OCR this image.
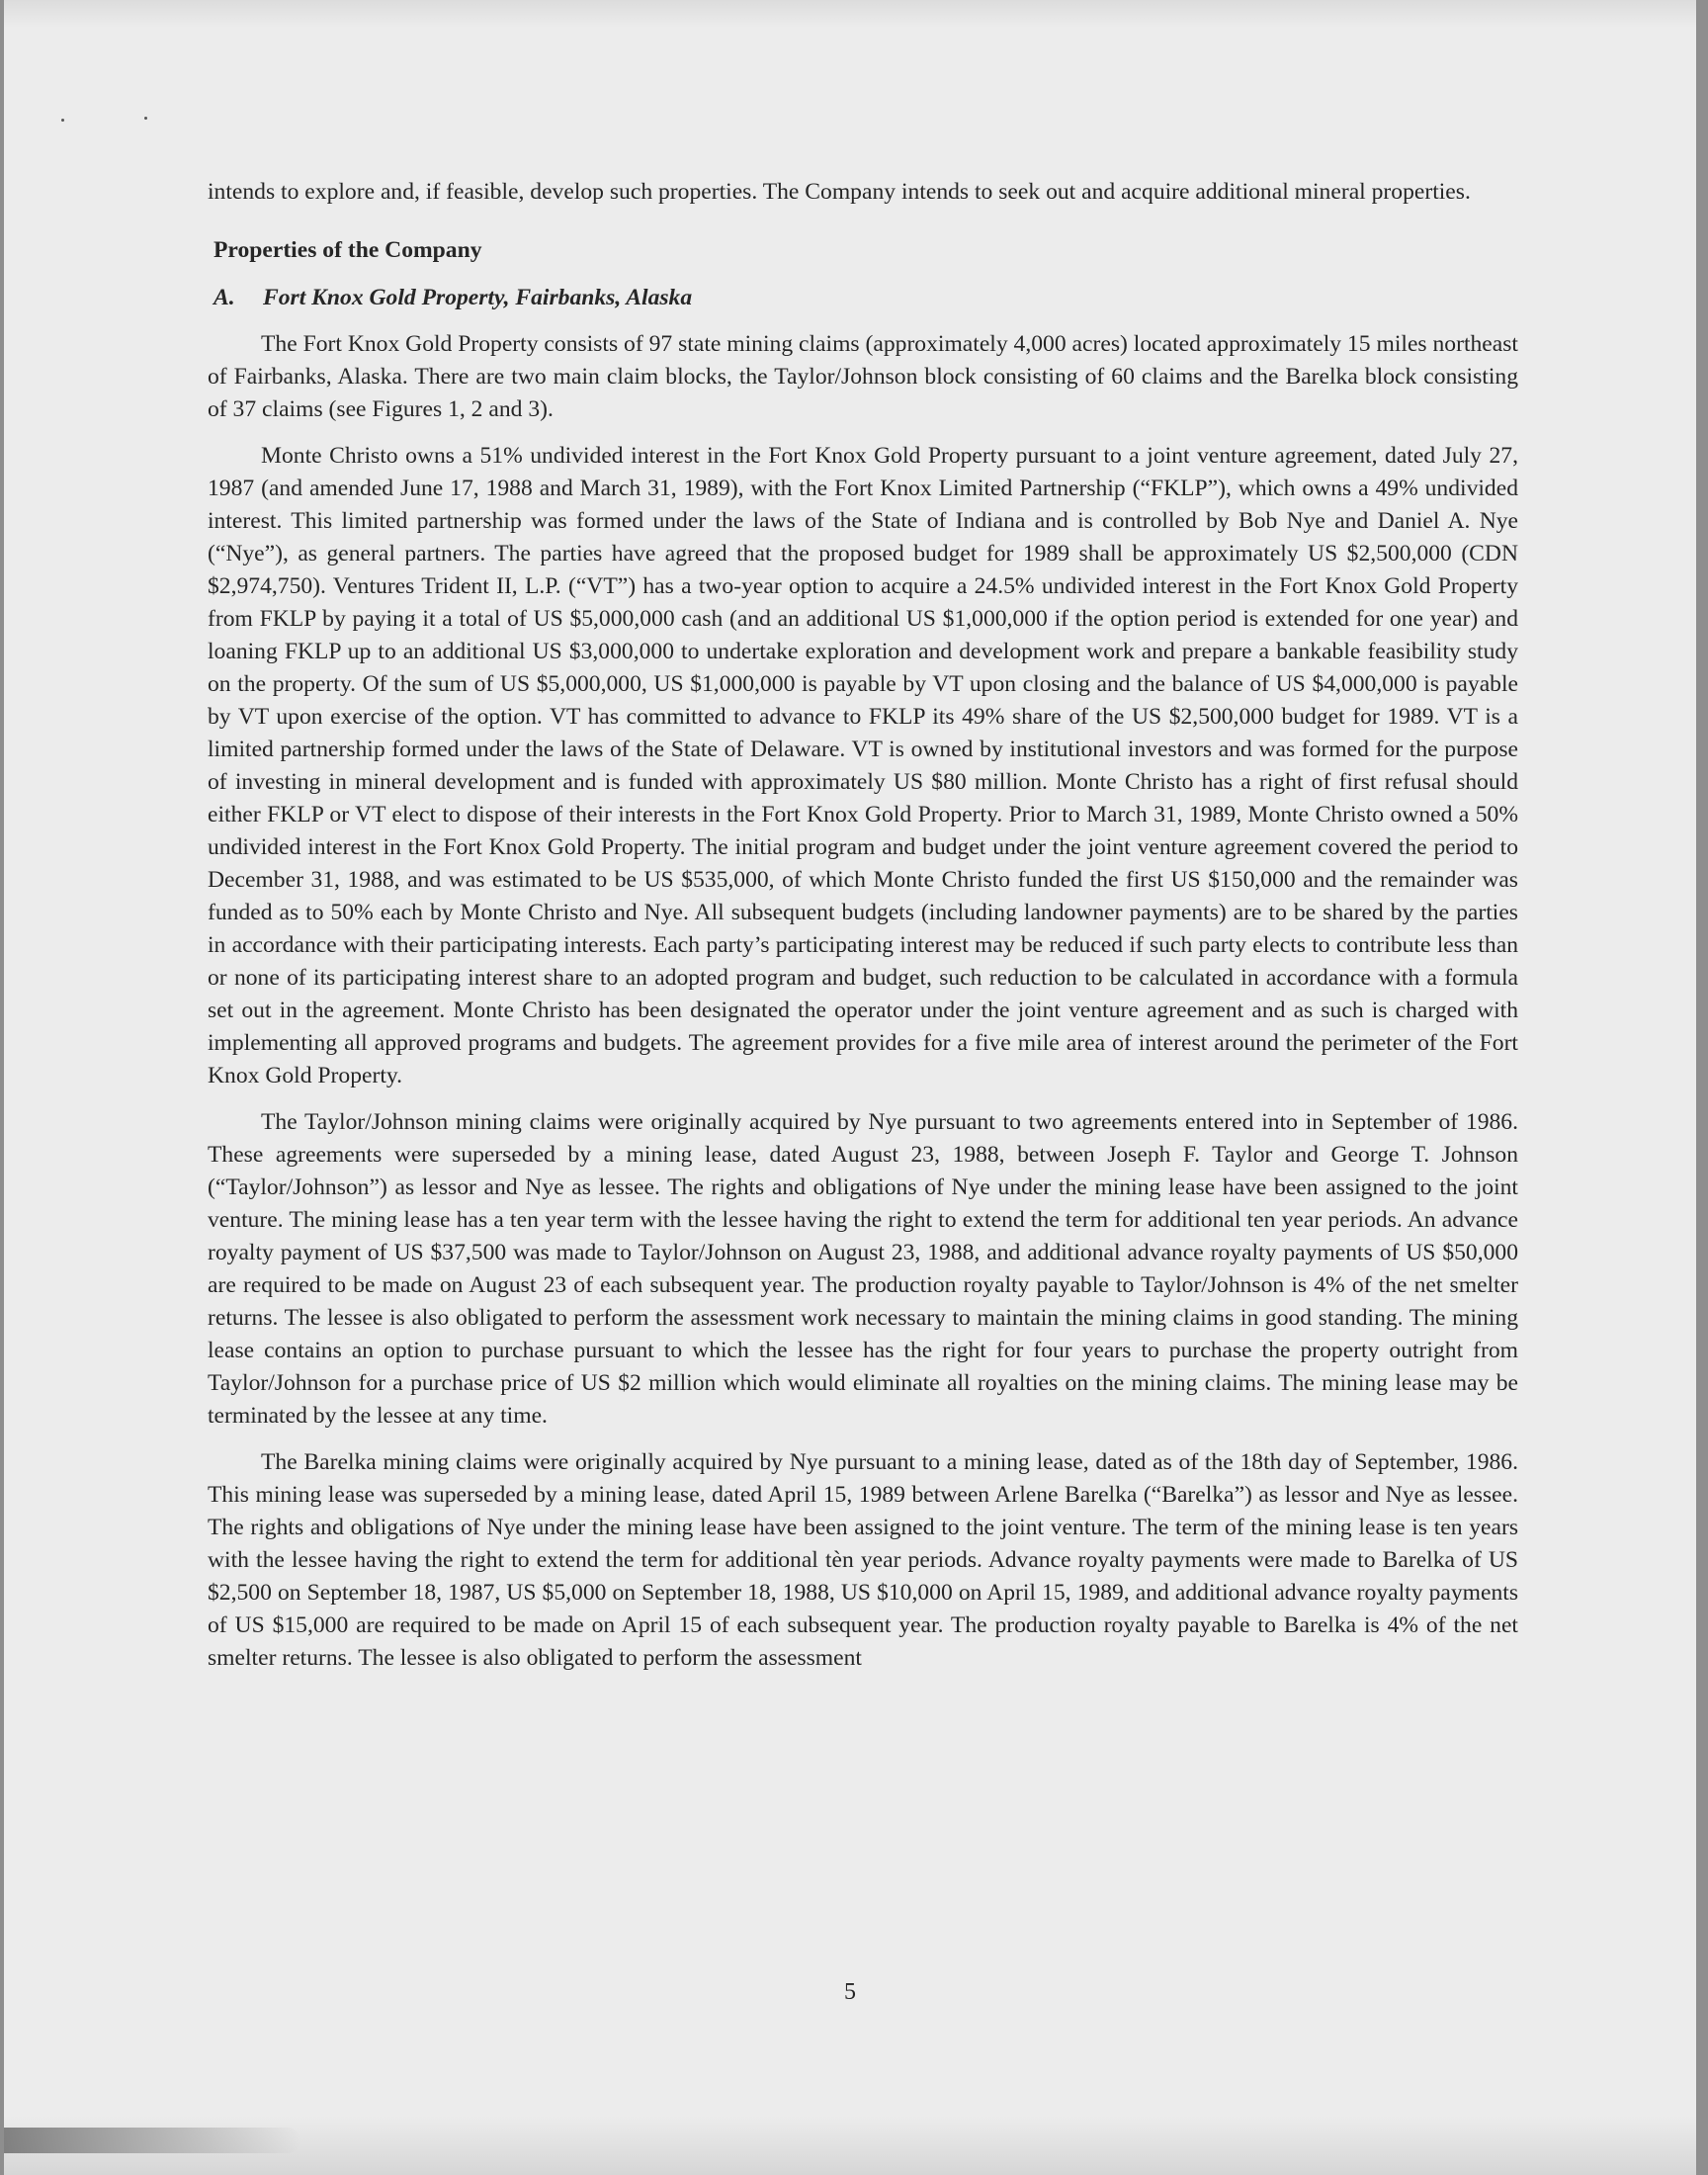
intends to explore and, if feasible, develop such properties. The Company intends to seek out and acquire additional mineral properties.

Properties of the Company
A. Fort Knox Gold Property, Fairbanks, Alaska

The Fort Knox Gold Property consists of 97 state mining claims (approximately 4,000 acres) located approximately 15 miles northeast of Fairbanks, Alaska. There are two main claim blocks, the Taylor/Johnson block consisting of 60 claims and the Barelka block consisting of 37 claims (see Figures 1, 2 and 3).

Monte Christo owns a 51% undivided interest in the Fort Knox Gold Property pursuant to a joint venture agreement, dated July 27, 1987 (and amended June 17, 1988 and March 31, 1989), with the Fort Knox Limited Partnership (“FKLP”), which owns a 49% undivided interest. This limited partnership was formed under the laws of the State of Indiana and is controlled by Bob Nye and Daniel A. Nye (“Nye”), as general partners. The parties have agreed that the proposed budget for 1989 shall be approximately US $2,500,000 (CDN $2,974,750). Ventures Trident II, L.P. (“VT”) has a two-year option to acquire a 24.5% undivided interest in the Fort Knox Gold Property from FKLP by paying it a total of US $5,000,000 cash (and an additional US $1,000,000 if the option period is extended for one year) and loaning FKLP up to an additional US $3,000,000 to undertake exploration and development work and prepare a bankable feasibility study on the property. Of the sum of US $5,000,000, US $1,000,000 is payable by VT upon closing and the balance of US $4,000,000 is payable by VT upon exercise of the option. VT has committed to advance to FKLP its 49% share of the US $2,500,000 budget for 1989. VT is a limited partnership formed under the laws of the State of Delaware. VT is owned by institutional investors and was formed for the purpose of investing in mineral development and is funded with approximately US $80 million. Monte Christo has a right of first refusal should either FKLP or VT elect to dispose of their interests in the Fort Knox Gold Property. Prior to March 31, 1989, Monte Christo owned a 50% undivided interest in the Fort Knox Gold Property. The initial program and budget under the joint venture agreement covered the period to December 31, 1988, and was estimated to be US $535,000, of which Monte Christo funded the first US $150,000 and the remainder was funded as to 50% each by Monte Christo and Nye. All subsequent budgets (including landowner payments) are to be shared by the parties in accordance with their participating interests. Each party’s participating interest may be reduced if such party elects to contribute less than or none of its participating interest share to an adopted program and budget, such reduction to be calculated in accordance with a formula set out in the agreement. Monte Christo has been designated the operator under the joint venture agreement and as such is charged with implementing all approved programs and budgets. The agreement provides for a five mile area of interest around the perimeter of the Fort Knox Gold Property.

The Taylor/Johnson mining claims were originally acquired by Nye pursuant to two agreements entered into in September of 1986. These agreements were superseded by a mining lease, dated August 23, 1988, between Joseph F. Taylor and George T. Johnson (“Taylor/Johnson”) as lessor and Nye as lessee. The rights and obligations of Nye under the mining lease have been assigned to the joint venture. The mining lease has a ten year term with the lessee having the right to extend the term for additional ten year periods. An advance royalty payment of US $37,500 was made to Taylor/Johnson on August 23, 1988, and additional advance royalty payments of US $50,000 are required to be made on August 23 of each subsequent year. The production royalty payable to Taylor/Johnson is 4% of the net smelter returns. The lessee is also obligated to perform the assessment work necessary to maintain the mining claims in good standing. The mining lease contains an option to purchase pursuant to which the lessee has the right for four years to purchase the property outright from Taylor/Johnson for a purchase price of US $2 million which would eliminate all royalties on the mining claims. The mining lease may be terminated by the lessee at any time.

The Barelka mining claims were originally acquired by Nye pursuant to a mining lease, dated as of the 18th day of September, 1986. This mining lease was superseded by a mining lease, dated April 15, 1989 between Arlene Barelka (“Barelka”) as lessor and Nye as lessee. The rights and obligations of Nye under the mining lease have been assigned to the joint venture. The term of the mining lease is ten years with the lessee having the right to extend the term for additional tèn year periods. Advance royalty payments were made to Barelka of US $2,500 on September 18, 1987, US $5,000 on September 18, 1988, US $10,000 on April 15, 1989, and additional advance royalty payments of US $15,000 are required to be made on April 15 of each subsequent year. The production royalty payable to Barelka is 4% of the net smelter returns. The lessee is also obligated to perform the assessment

5
